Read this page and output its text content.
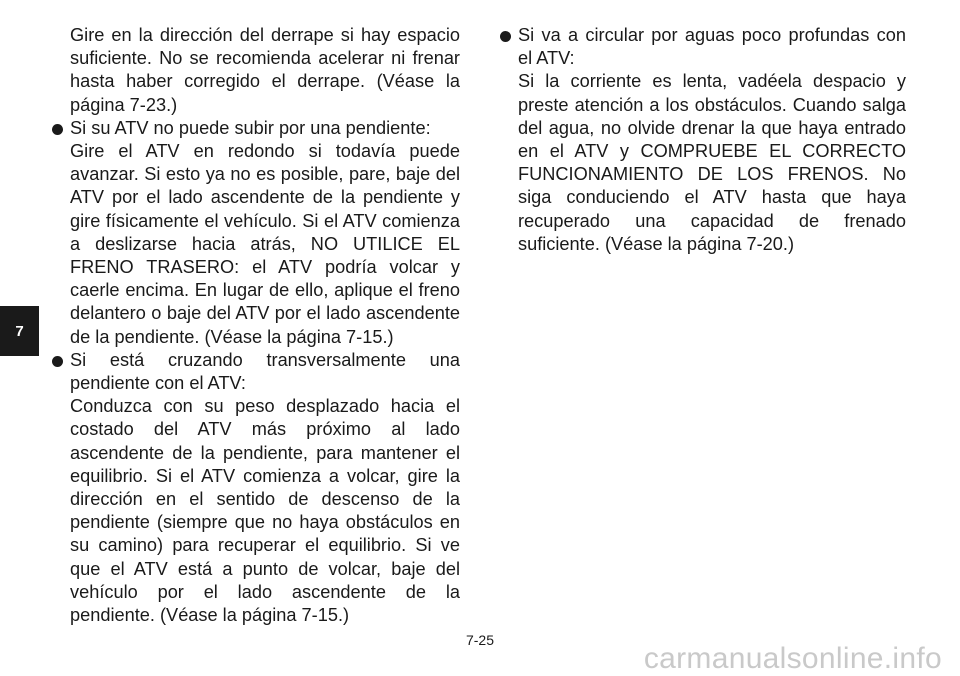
7

Gire en la dirección del derrape si hay espacio suficiente. No se recomienda acelerar ni frenar hasta haber corregido el derrape. (Véase la página 7-23.)

Si su ATV no puede subir por una pendiente:

Gire el ATV en redondo si todavía puede avanzar. Si esto ya no es posible, pare, baje del ATV por el lado ascendente de la pendiente y gire físicamente el vehículo. Si el ATV comienza a deslizarse hacia atrás, NO UTILICE EL FRENO TRASERO: el ATV podría volcar y caerle encima. En lugar de ello, aplique el freno delantero o baje del ATV por el lado ascendente de la pendiente. (Véase la página 7-15.)

Si está cruzando transversalmente una pendiente con el ATV:

Conduzca con su peso desplazado hacia el costado del ATV más próximo al lado ascendente de la pendiente, para mantener el equilibrio. Si el ATV comienza a volcar, gire la dirección en el sentido de descenso de la pendiente (siempre que no haya obstáculos en su camino) para recuperar el equilibrio. Si ve que el ATV está a punto de volcar, baje del vehículo por el lado ascendente de la pendiente. (Véase la página 7-15.)

Si va a circular por aguas poco profundas con el ATV:

Si la corriente es lenta, vadéela despacio y preste atención a los obstáculos. Cuando salga del agua, no olvide drenar la que haya entrado en el ATV y COMPRUEBE EL CORRECTO FUNCIONAMIENTO DE LOS FRENOS. No siga conduciendo el ATV hasta que haya recuperado una capacidad de frenado suficiente. (Véase la página 7-20.)

7-25
carmanualsonline.info
